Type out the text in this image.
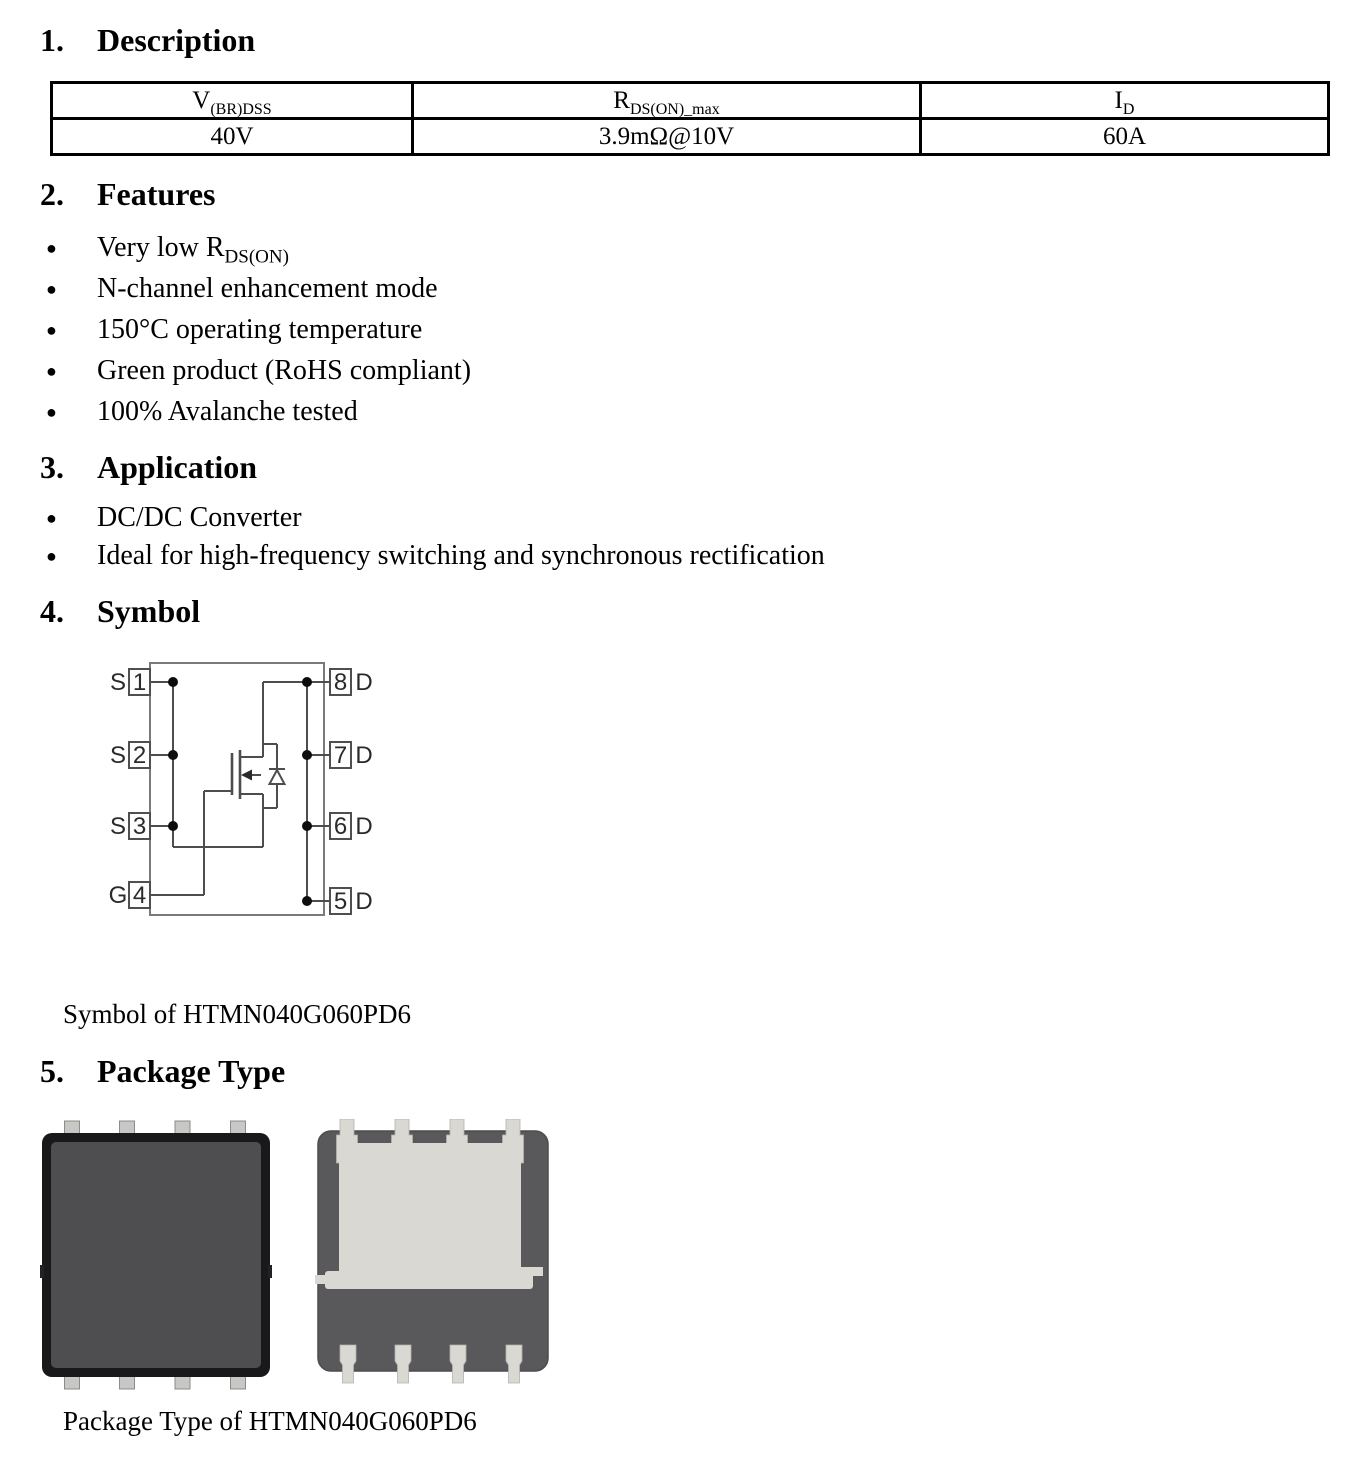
1.	Description
$V_{(BR)DSS}$	$R_{DS(ON)\_max}$	$I_D$
40V	3.9mΩ@10V	60A
2.	Features
●	Very low $R_{DS(ON)}$
●	N-channel enhancement mode
●	150°C operating temperature
●	Green product (RoHS compliant)
●	100% Avalanche tested
3.	Application
●	DC/DC Converter
●	Ideal for high-frequency switching and synchronous rectification
4.	Symbol
S 1
S 2
S 3
G 4
8 D
7 D
6 D
5 D
Symbol of HTMN040G060PD6
5.	Package Type
Package Type of HTMN040G060PD6
